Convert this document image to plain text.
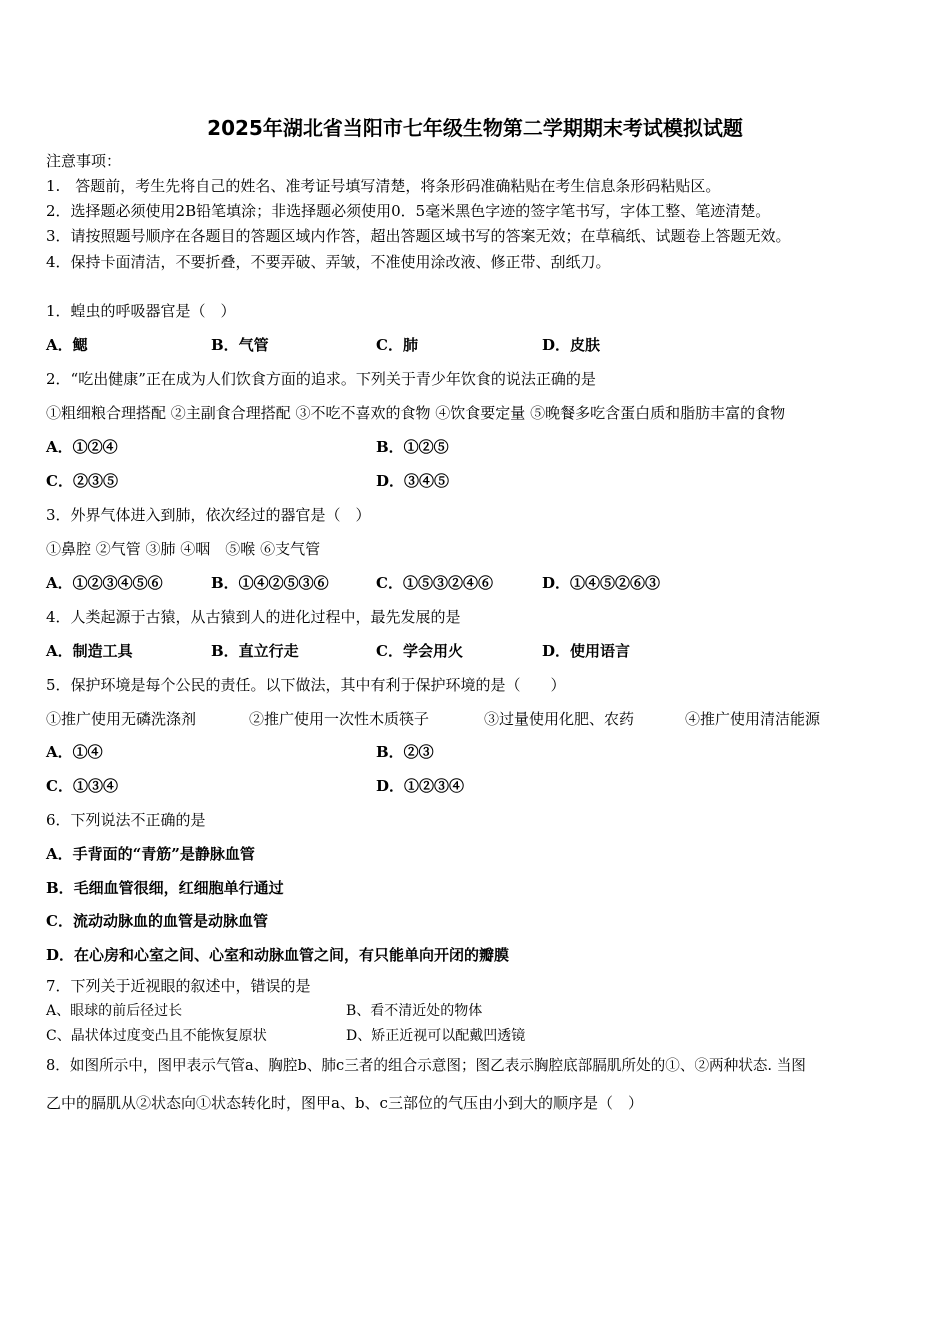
2025年湖北省当阳市七年级生物第二学期期末考试模拟试题
注意事项：
1.　答题前，考生先将自己的姓名、准考证号填写清楚，将条形码准确粘贴在考生信息条形码粘贴区。
2．选择题必须使用2B铅笔填涂；非选择题必须使用0．5毫米黑色字迹的签字笔书写，字体工整、笔迹清楚。
3．请按照题号顺序在各题目的答题区域内作答，超出答题区域书写的答案无效；在草稿纸、试题卷上答题无效。
4．保持卡面清洁，不要折叠，不要弄破、弄皱，不准使用涂改液、修正带、刮纸刀。
1．蝗虫的呼吸器官是（　）
A．鳃	B．气管	C．肺	D．皮肤
2．“吃出健康”正在成为人们饮食方面的追求。下列关于青少年饮食的说法正确的是
①粗细粮合理搭配 ②主副食合理搭配 ③不吃不喜欢的食物 ④饮食要定量 ⑤晚餐多吃含蛋白质和脂肪丰富的食物
A．①②④	B．①②⑤
C．②③⑤	D．③④⑤
3．外界气体进入到肺，依次经过的器官是（　）
①鼻腔 ②气管 ③肺 ④咽　⑤喉 ⑥支气管
A．①②③④⑤⑥	B．①④②⑤③⑥	C．①⑤③②④⑥	D．①④⑤②⑥③
4．人类起源于古猿，从古猿到人的进化过程中，最先发展的是
A．制造工具	B．直立行走	C．学会用火	D．使用语言
5．保护环境是每个公民的责任。以下做法，其中有利于保护环境的是（　　）
①推广使用无磷洗涤剂	②推广使用一次性木质筷子	③过量使用化肥、农药	④推广使用清洁能源
A．①④	B．②③
C．①③④	D．①②③④
6．下列说法不正确的是
A．手背面的“青筋”是静脉血管
B．毛细血管很细，红细胞单行通过
C．流动动脉血的血管是动脉血管
D．在心房和心室之间、心室和动脉血管之间，有只能单向开闭的瓣膜
7．下列关于近视眼的叙述中，错误的是
A、眼球的前后径过长	B、看不清近处的物体
C、晶状体过度变凸且不能恢复原状	D、矫正近视可以配戴凹透镜
8．如图所示中，图甲表示气管a、胸腔b、肺c三者的组合示意图；图乙表示胸腔底部膈肌所处的①、②两种状态. 当图
乙中的膈肌从②状态向①状态转化时，图甲a、b、c三部位的气压由小到大的顺序是（　）
